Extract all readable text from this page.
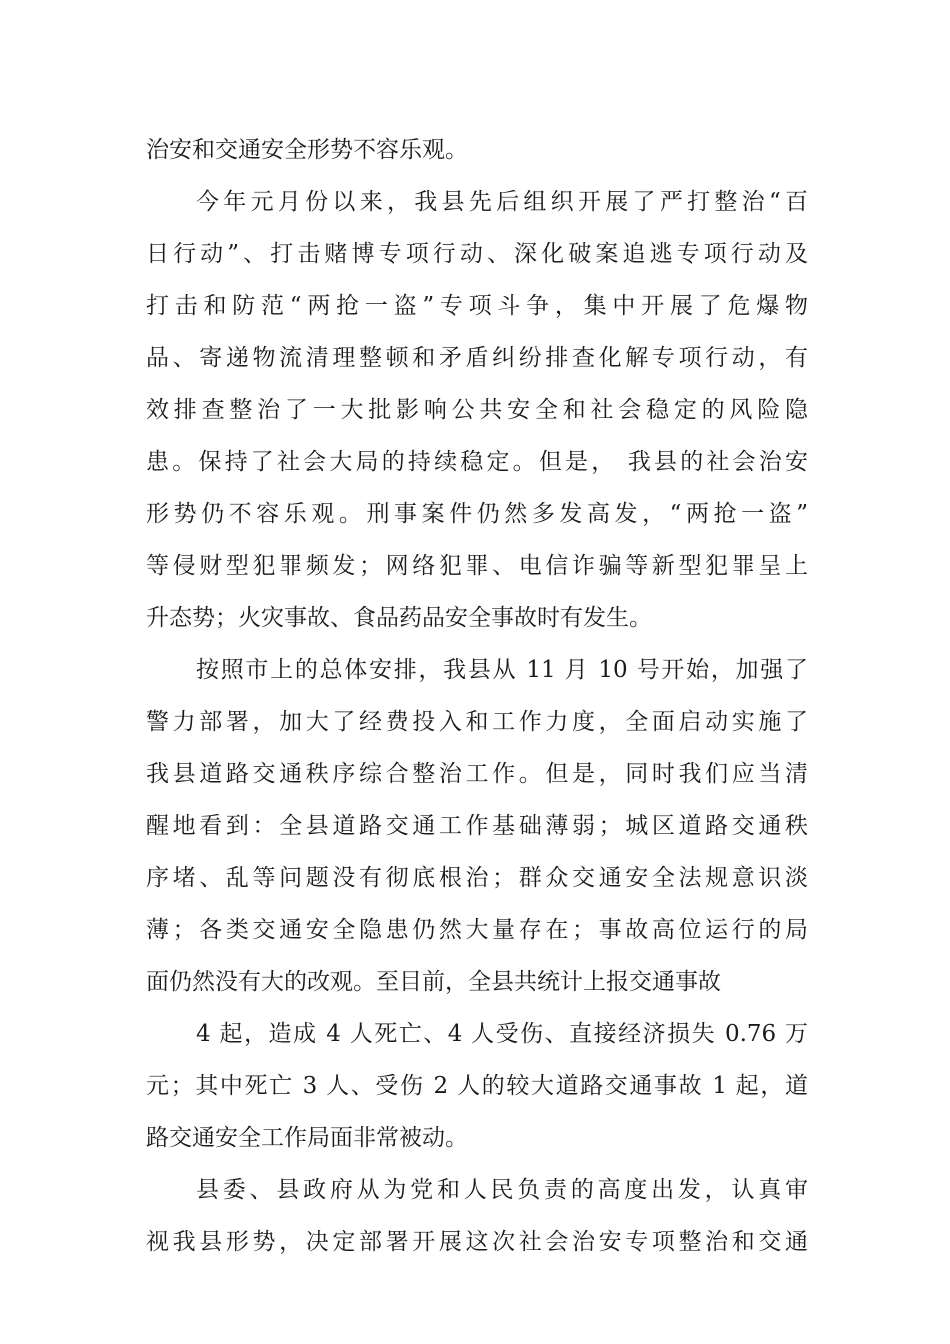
治安和交通安全形势不容乐观。
今年元月份以来，我县先后组织开展了严打整治“百
日行动”、打击赌博专项行动、深化破案追逃专项行动及
打击和防范“两抢一盗”专项斗争，集中开展了危爆物
品、寄递物流清理整顿和矛盾纠纷排查化解专项行动，有
效排查整治了一大批影响公共安全和社会稳定的风险隐
患。保持了社会大局的持续稳定。但是， 我县的社会治安
形势仍不容乐观。刑事案件仍然多发高发，“两抢一盗”
等侵财型犯罪频发；网络犯罪、电信诈骗等新型犯罪呈上
升态势；火灾事故、食品药品安全事故时有发生。
按照市上的总体安排，我县从 11 月 10 号开始，加强了
警力部署，加大了经费投入和工作力度，全面启动实施了
我县道路交通秩序综合整治工作。但是，同时我们应当清
醒地看到：全县道路交通工作基础薄弱；城区道路交通秩
序堵、乱等问题没有彻底根治；群众交通安全法规意识淡
薄；各类交通安全隐患仍然大量存在；事故高位运行的局
面仍然没有大的改观。至目前，全县共统计上报交通事故
4 起，造成 4 人死亡、4 人受伤、直接经济损失 0.76 万
元；其中死亡 3 人、受伤 2 人的较大道路交通事故 1 起，道
路交通安全工作局面非常被动。
县委、县政府从为党和人民负责的高度出发，认真审
视我县形势，决定部署开展这次社会治安专项整治和交通
